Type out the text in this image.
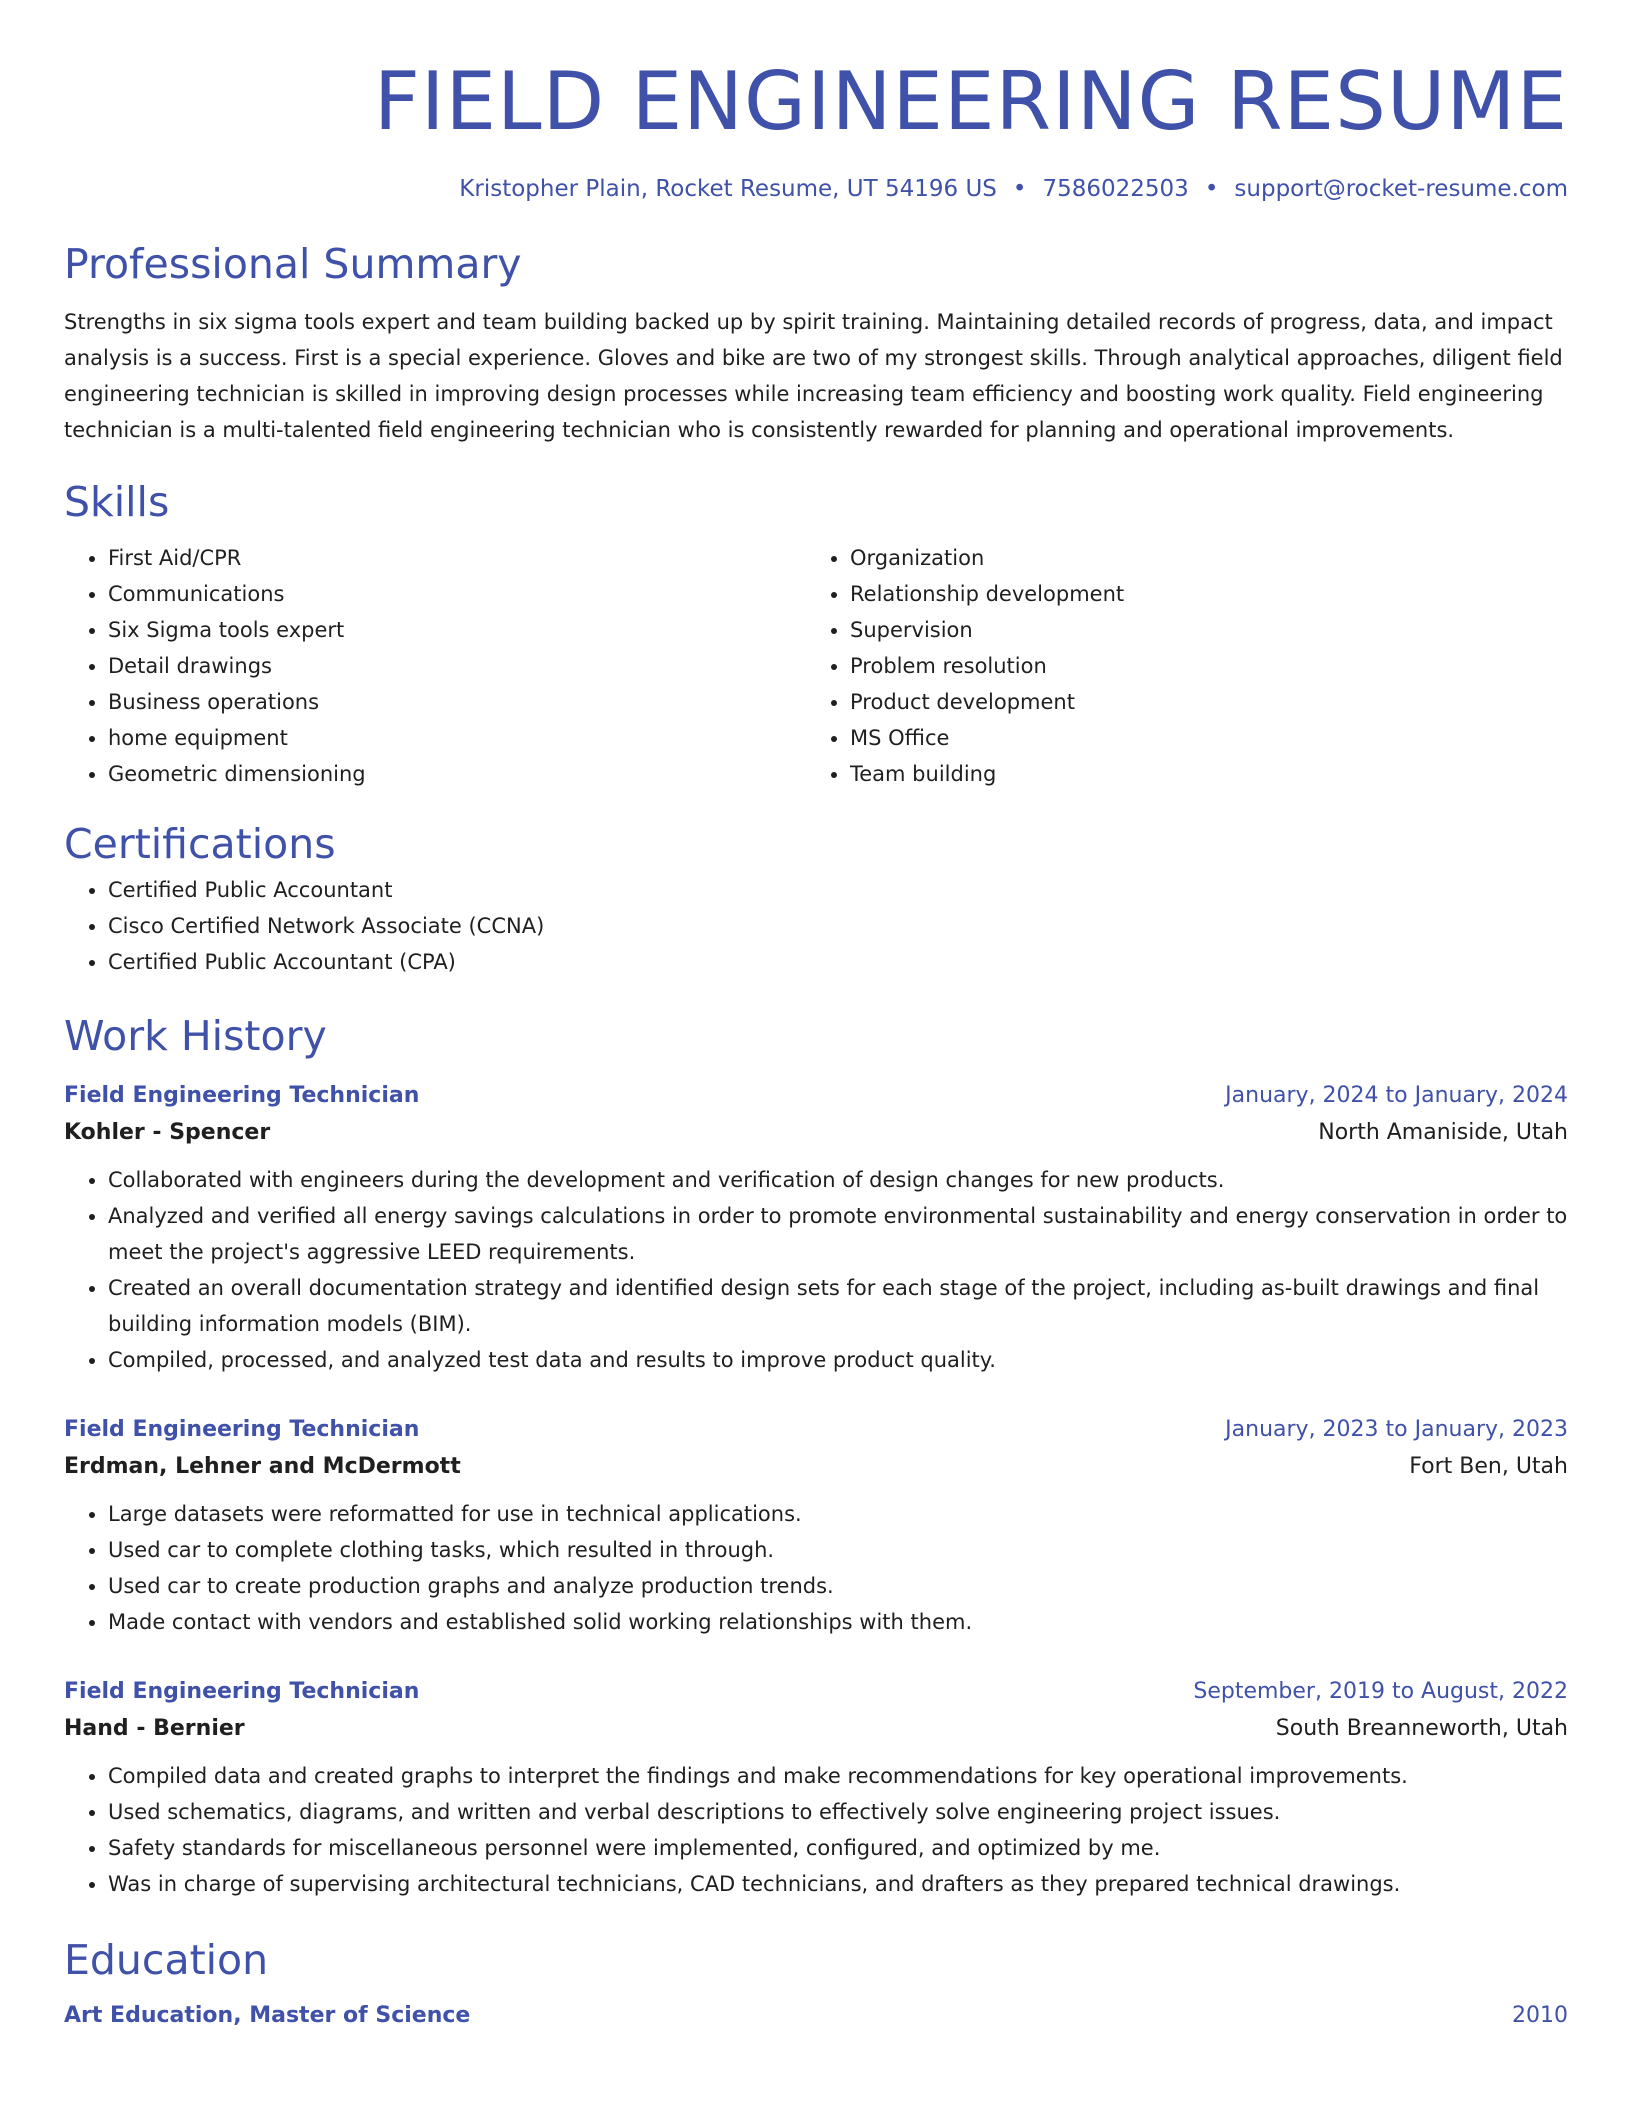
FIELD ENGINEERING RESUME
Kristopher Plain, Rocket Resume, UT 54196 US • 7586022503 • support@rocket-resume.com
Professional Summary

Strengths in six sigma tools expert and team building backed up by spirit training. Maintaining detailed records of progress, data, and impact analysis is a success. First is a special experience. Gloves and bike are two of my strongest skills. Through analytical approaches, diligent field engineering technician is skilled in improving design processes while increasing team efficiency and boosting work quality. Field engineering technician is a multi-talented field engineering technician who is consistently rewarded for planning and operational improvements.

Skills
• First Aid/CPR
• Communications
• Six Sigma tools expert
• Detail drawings
• Business operations
• home equipment
• Geometric dimensioning
• Organization
• Relationship development
• Supervision
• Problem resolution
• Product development
• MS Office
• Team building
Certifications
• Certified Public Accountant
• Cisco Certified Network Associate (CCNA)
• Certified Public Accountant (CPA)
Work History
Field Engineering Technician	January, 2024 to January, 2024
Kohler - Spencer	North Amaniside, Utah
• Collaborated with engineers during the development and verification of design changes for new products.
• Analyzed and verified all energy savings calculations in order to promote environmental sustainability and energy conservation in order to meet the project's aggressive LEED requirements.
• Created an overall documentation strategy and identified design sets for each stage of the project, including as-built drawings and final building information models (BIM).
• Compiled, processed, and analyzed test data and results to improve product quality.
Field Engineering Technician	January, 2023 to January, 2023
Erdman, Lehner and McDermott	Fort Ben, Utah
• Large datasets were reformatted for use in technical applications.
• Used car to complete clothing tasks, which resulted in through.
• Used car to create production graphs and analyze production trends.
• Made contact with vendors and established solid working relationships with them.
Field Engineering Technician	September, 2019 to August, 2022
Hand - Bernier	South Breanneworth, Utah
• Compiled data and created graphs to interpret the findings and make recommendations for key operational improvements.
• Used schematics, diagrams, and written and verbal descriptions to effectively solve engineering project issues.
• Safety standards for miscellaneous personnel were implemented, configured, and optimized by me.
• Was in charge of supervising architectural technicians, CAD technicians, and drafters as they prepared technical drawings.
Education
Art Education, Master of Science	2010
